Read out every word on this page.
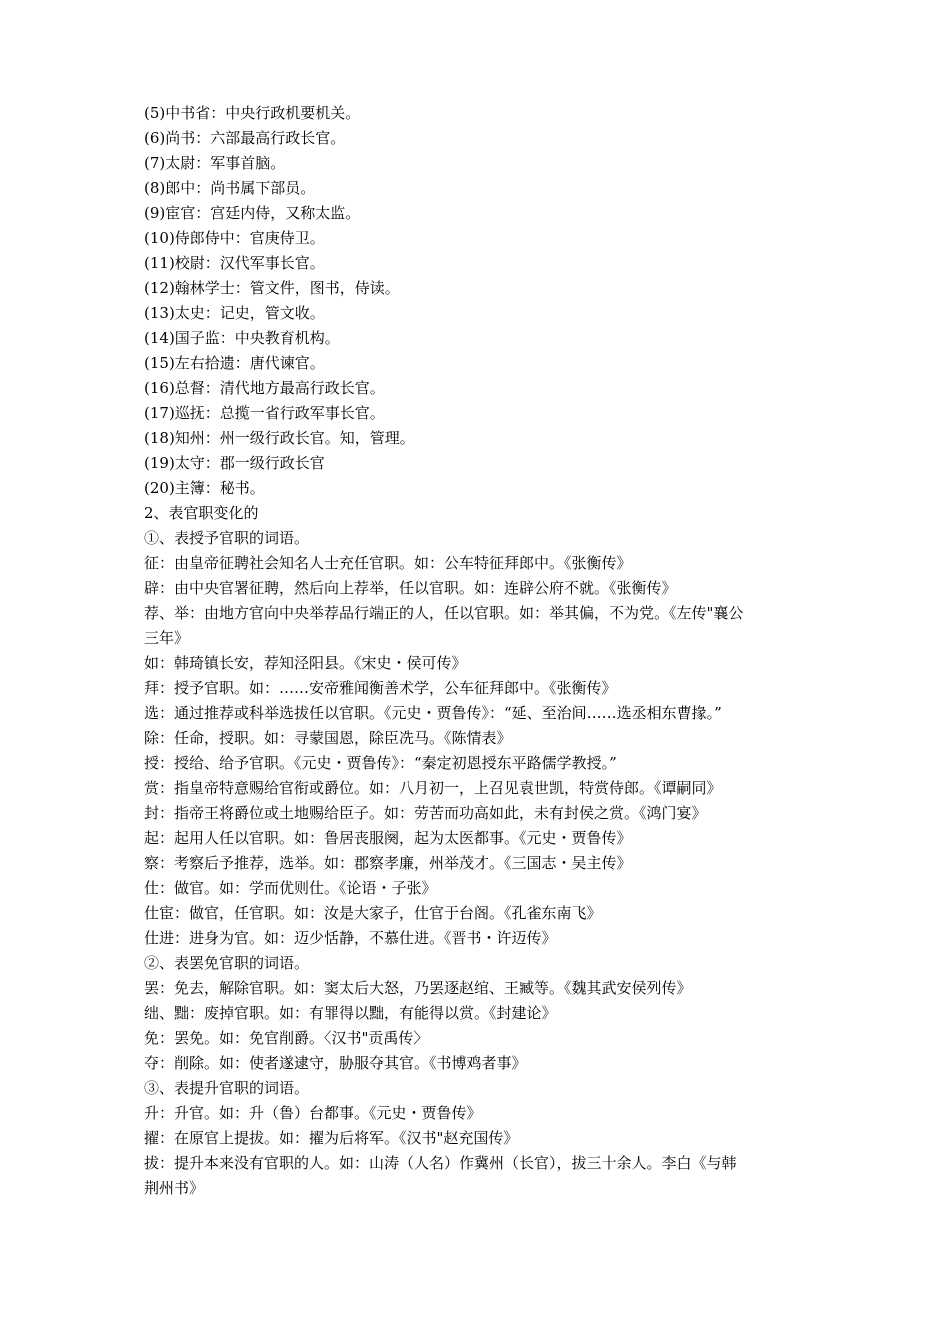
(5)中书省：中央行政机要机关。

(6)尚书：六部最高行政长官。

(7)太尉：军事首脑。

(8)郎中：尚书属下部员。

(9)宦官：宫廷内侍，又称太监。

(10)侍郎侍中：官庚侍卫。

(11)校尉：汉代军事长官。

(12)翰林学士：管文件，图书，侍读。

(13)太史：记史，管文收。

(14)国子监：中央教育机构。

(15)左右拾遗：唐代谏官。

(16)总督：清代地方最高行政长官。

(17)巡抚：总揽一省行政军事长官。

(18)知州：州一级行政长官。知，管理。

(19)太守：郡一级行政长官

(20)主簿：秘书。

2、表官职变化的

①、表授予官职的词语。

征：由皇帝征聘社会知名人士充任官职。如：公车特征拜郎中。《张衡传》

辟：由中央官署征聘，然后向上荐举，任以官职。如：连辟公府不就。《张衡传》

荐、举：由地方官向中央举荐品行端正的人，任以官职。如：举其偏，不为党。《左传"襄公

三年》

如：韩琦镇长安，荐知泾阳县。《宋史・侯可传》

拜：授予官职。如：……安帝雅闻衡善术学，公车征拜郎中。《张衡传》

选：通过推荐或科举选拔任以官职。《元史・贾鲁传》：“延、至治间……选丞相东曹掾。”

除：任命，授职。如：寻蒙国恩，除臣冼马。《陈情表》

授：授给、给予官职。《元史・贾鲁传》：“秦定初恩授东平路儒学教授。”

赏：指皇帝特意赐给官衔或爵位。如：八月初一，上召见袁世凯，特赏侍郎。《谭嗣同》

封：指帝王将爵位或土地赐给臣子。如：劳苦而功高如此，未有封侯之赏。《鸿门宴》

起：起用人任以官职。如：鲁居丧服阕，起为太医都事。《元史・贾鲁传》

察：考察后予推荐，选举。如：郡察孝廉，州举茂才。《三国志・吴主传》

仕：做官。如：学而优则仕。《论语・子张》

仕宦：做官，任官职。如：汝是大家子，仕官于台阁。《孔雀东南飞》

仕进：进身为官。如：迈少恬静，不慕仕进。《晋书・许迈传》

②、表罢免官职的词语。

罢：免去，解除官职。如：窦太后大怒，乃罢逐赵绾、王臧等。《魏其武安侯列传》

绌、黜：废掉官职。如：有罪得以黜，有能得以赏。《封建论》

免：罢免。如：免官削爵。〈汉书"贡禹传〉

夺：削除。如：使者遂逮守，胁服夺其官。《书博鸡者事》

③、表提升官职的词语。

升：升官。如：升（鲁）台都事。《元史・贾鲁传》

擢：在原官上提拔。如：擢为后将军。《汉书"赵充国传》

拔：提升本来没有官职的人。如：山涛（人名）作冀州（长官），拔三十余人。李白《与韩

荆州书》
